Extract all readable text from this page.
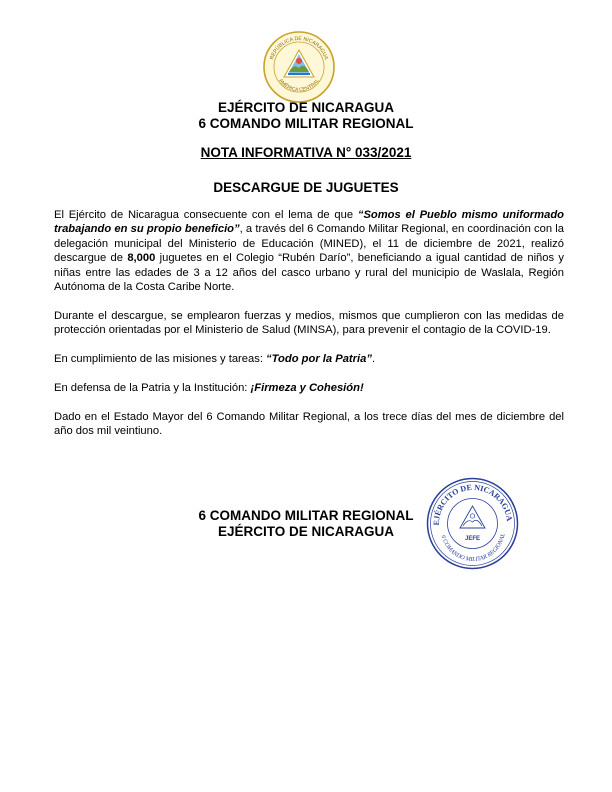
REPÚBLICA DE NICARAGUA
AMÉRICA CENTRAL
EJÉRCITO DE NICARAGUA
6 COMANDO MILITAR REGIONAL
NOTA INFORMATIVA N° 033/2021
DESCARGUE DE JUGUETES

El Ejército de Nicaragua consecuente con el lema de que “Somos el Pueblo mismo uniformado trabajando en su propio beneficio”, a través del 6 Comando Militar Regional, en coordinación con la delegación municipal del Ministerio de Educación (MINED), el 11 de diciembre de 2021, realizó descargue de 8,000 juguetes en el Colegio “Rubén Darío”, beneficiando a igual cantidad de niños y niñas entre las edades de 3 a 12 años del casco urbano y rural del municipio de Waslala, Región Autónoma de la Costa Caribe Norte.

Durante el descargue, se emplearon fuerzas y medios, mismos que cumplieron con las medidas de protección orientadas por el Ministerio de Salud (MINSA), para prevenir el contagio de la COVID-19.

En cumplimiento de las misiones y tareas: “Todo por la Patria”.

En defensa de la Patria y la Institución: ¡Firmeza y Cohesión!

Dado en el Estado Mayor del 6 Comando Militar Regional, a los trece días del mes de diciembre del año dos mil veintiuno.

6 COMANDO MILITAR REGIONAL
EJÉRCITO DE NICARAGUA
EJÉRCITO DE NICARAGUA
6 COMANDO MILITAR REGIONAL
JEFE
